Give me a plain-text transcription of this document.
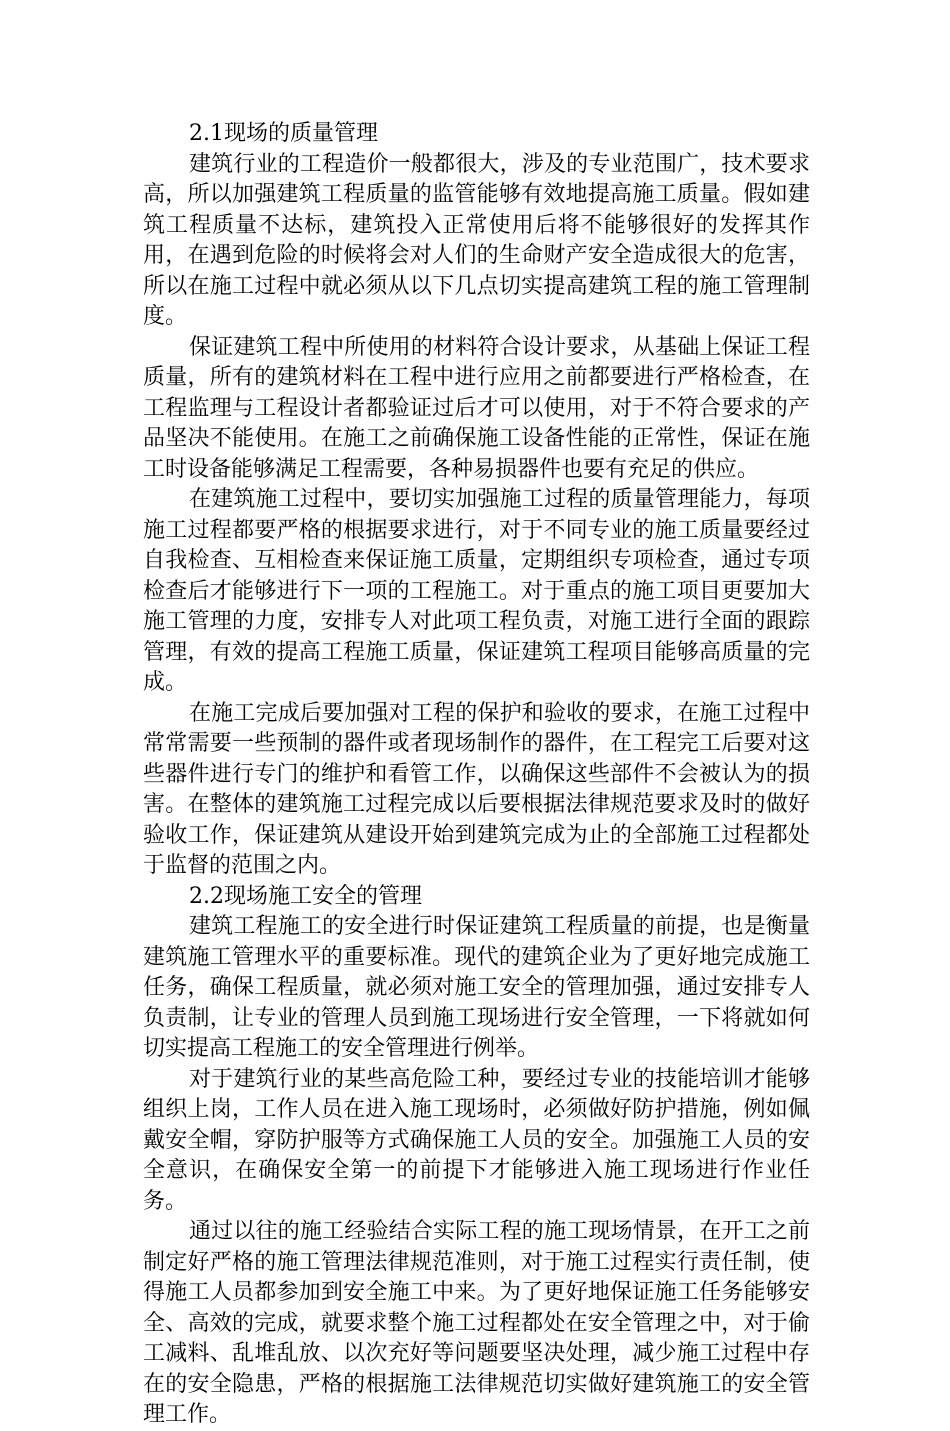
2.1现场的质量管理

建筑行业的工程造价一般都很大，涉及的专业范围广，技术要求高，所以加强建筑工程质量的监管能够有效地提高施工质量。假如建筑工程质量不达标，建筑投入正常使用后将不能够很好的发挥其作用，在遇到危险的时候将会对人们的生命财产安全造成很大的危害，所以在施工过程中就必须从以下几点切实提高建筑工程的施工管理制度。

保证建筑工程中所使用的材料符合设计要求，从基础上保证工程质量，所有的建筑材料在工程中进行应用之前都要进行严格检查，在工程监理与工程设计者都验证过后才可以使用，对于不符合要求的产品坚决不能使用。在施工之前确保施工设备性能的正常性，保证在施工时设备能够满足工程需要，各种易损器件也要有充足的供应。

在建筑施工过程中，要切实加强施工过程的质量管理能力，每项施工过程都要严格的根据要求进行，对于不同专业的施工质量要经过自我检查、互相检查来保证施工质量，定期组织专项检查，通过专项检查后才能够进行下一项的工程施工。对于重点的施工项目更要加大施工管理的力度，安排专人对此项工程负责，对施工进行全面的跟踪管理，有效的提高工程施工质量，保证建筑工程项目能够高质量的完成。

在施工完成后要加强对工程的保护和验收的要求，在施工过程中常常需要一些预制的器件或者现场制作的器件，在工程完工后要对这些器件进行专门的维护和看管工作，以确保这些部件不会被认为的损害。在整体的建筑施工过程完成以后要根据法律规范要求及时的做好验收工作，保证建筑从建设开始到建筑完成为止的全部施工过程都处于监督的范围之内。

2.2现场施工安全的管理

建筑工程施工的安全进行时保证建筑工程质量的前提，也是衡量建筑施工管理水平的重要标准。现代的建筑企业为了更好地完成施工任务，确保工程质量，就必须对施工安全的管理加强，通过安排专人负责制，让专业的管理人员到施工现场进行安全管理，一下将就如何切实提高工程施工的安全管理进行例举。

对于建筑行业的某些高危险工种，要经过专业的技能培训才能够组织上岗，工作人员在进入施工现场时，必须做好防护措施，例如佩戴安全帽，穿防护服等方式确保施工人员的安全。加强施工人员的安全意识，在确保安全第一的前提下才能够进入施工现场进行作业任务。

通过以往的施工经验结合实际工程的施工现场情景，在开工之前制定好严格的施工管理法律规范准则，对于施工过程实行责任制，使得施工人员都参加到安全施工中来。为了更好地保证施工任务能够安全、高效的完成，就要求整个施工过程都处在安全管理之中，对于偷工减料、乱堆乱放、以次充好等问题要坚决处理，减少施工过程中存在的安全隐患，严格的根据施工法律规范切实做好建筑施工的安全管理工作。
